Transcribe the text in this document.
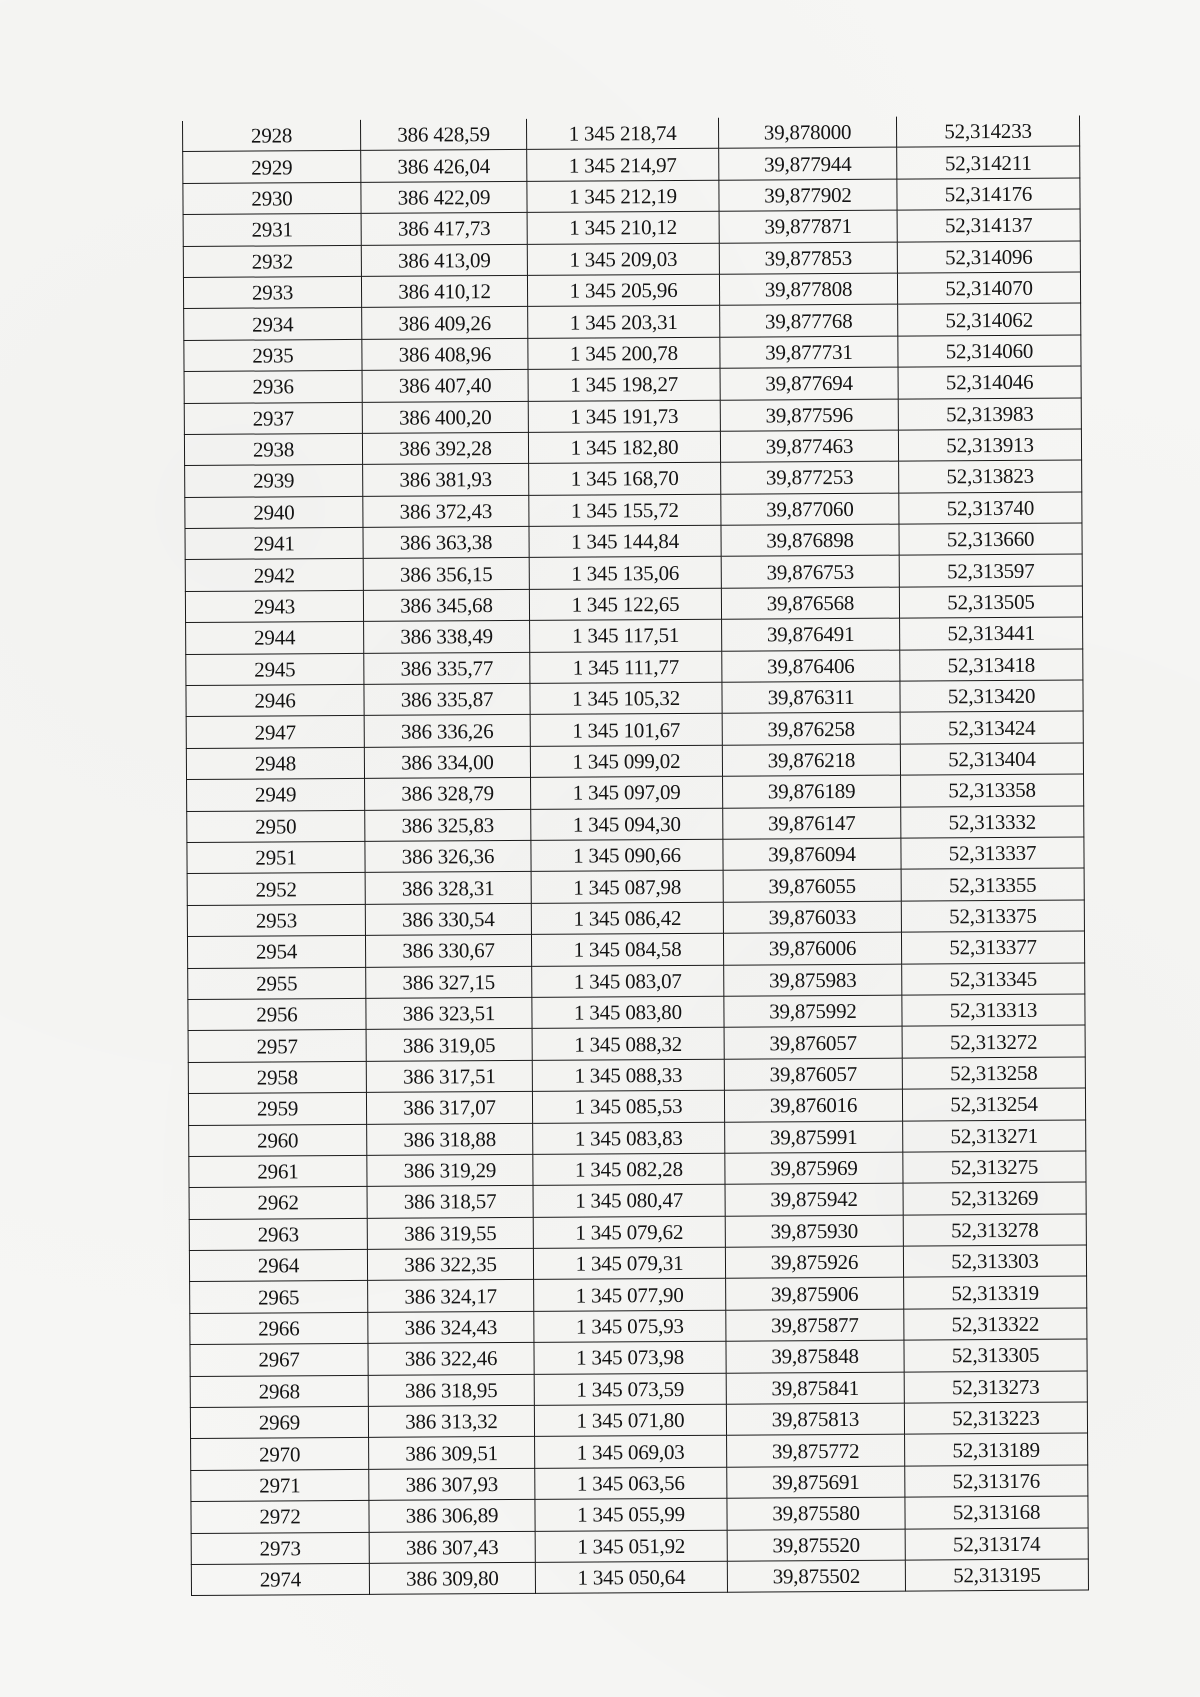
2928	386 428,59	1 345 218,74	39,878000	52,314233
2929	386 426,04	1 345 214,97	39,877944	52,314211
2930	386 422,09	1 345 212,19	39,877902	52,314176
2931	386 417,73	1 345 210,12	39,877871	52,314137
2932	386 413,09	1 345 209,03	39,877853	52,314096
2933	386 410,12	1 345 205,96	39,877808	52,314070
2934	386 409,26	1 345 203,31	39,877768	52,314062
2935	386 408,96	1 345 200,78	39,877731	52,314060
2936	386 407,40	1 345 198,27	39,877694	52,314046
2937	386 400,20	1 345 191,73	39,877596	52,313983
2938	386 392,28	1 345 182,80	39,877463	52,313913
2939	386 381,93	1 345 168,70	39,877253	52,313823
2940	386 372,43	1 345 155,72	39,877060	52,313740
2941	386 363,38	1 345 144,84	39,876898	52,313660
2942	386 356,15	1 345 135,06	39,876753	52,313597
2943	386 345,68	1 345 122,65	39,876568	52,313505
2944	386 338,49	1 345 117,51	39,876491	52,313441
2945	386 335,77	1 345 111,77	39,876406	52,313418
2946	386 335,87	1 345 105,32	39,876311	52,313420
2947	386 336,26	1 345 101,67	39,876258	52,313424
2948	386 334,00	1 345 099,02	39,876218	52,313404
2949	386 328,79	1 345 097,09	39,876189	52,313358
2950	386 325,83	1 345 094,30	39,876147	52,313332
2951	386 326,36	1 345 090,66	39,876094	52,313337
2952	386 328,31	1 345 087,98	39,876055	52,313355
2953	386 330,54	1 345 086,42	39,876033	52,313375
2954	386 330,67	1 345 084,58	39,876006	52,313377
2955	386 327,15	1 345 083,07	39,875983	52,313345
2956	386 323,51	1 345 083,80	39,875992	52,313313
2957	386 319,05	1 345 088,32	39,876057	52,313272
2958	386 317,51	1 345 088,33	39,876057	52,313258
2959	386 317,07	1 345 085,53	39,876016	52,313254
2960	386 318,88	1 345 083,83	39,875991	52,313271
2961	386 319,29	1 345 082,28	39,875969	52,313275
2962	386 318,57	1 345 080,47	39,875942	52,313269
2963	386 319,55	1 345 079,62	39,875930	52,313278
2964	386 322,35	1 345 079,31	39,875926	52,313303
2965	386 324,17	1 345 077,90	39,875906	52,313319
2966	386 324,43	1 345 075,93	39,875877	52,313322
2967	386 322,46	1 345 073,98	39,875848	52,313305
2968	386 318,95	1 345 073,59	39,875841	52,313273
2969	386 313,32	1 345 071,80	39,875813	52,313223
2970	386 309,51	1 345 069,03	39,875772	52,313189
2971	386 307,93	1 345 063,56	39,875691	52,313176
2972	386 306,89	1 345 055,99	39,875580	52,313168
2973	386 307,43	1 345 051,92	39,875520	52,313174
2974	386 309,80	1 345 050,64	39,875502	52,313195
